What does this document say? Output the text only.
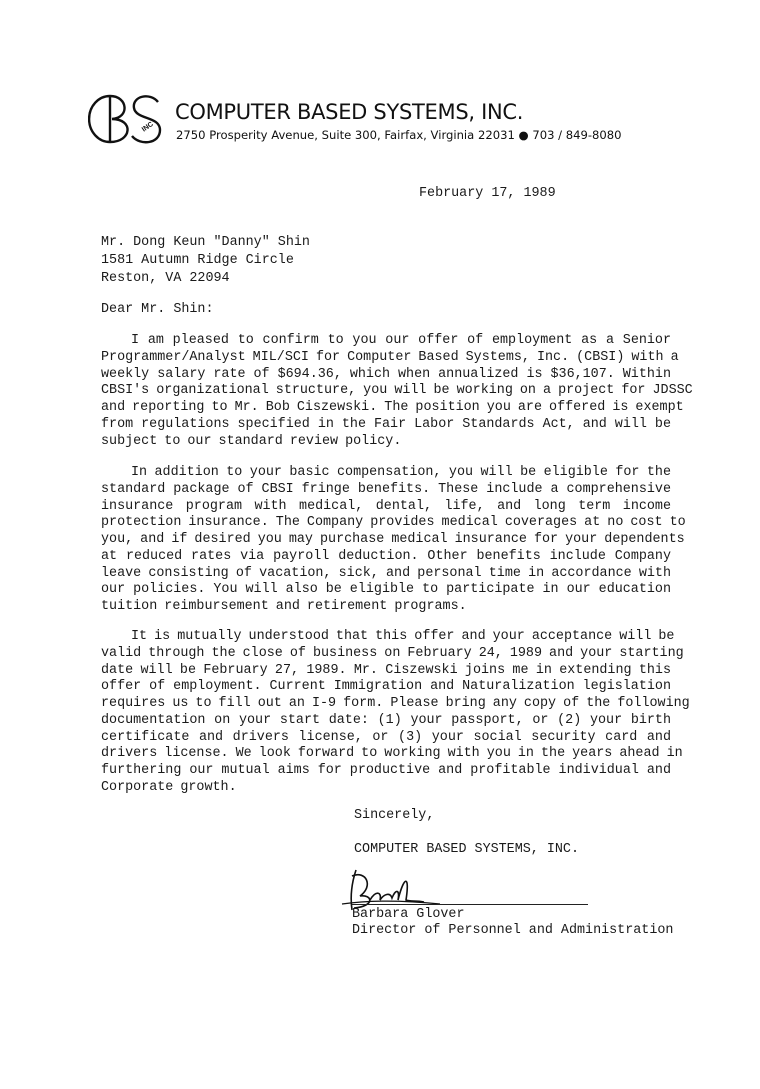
INC
COMPUTER BASED SYSTEMS, INC.
2750 Prosperity Avenue, Suite 300, Fairfax, Virginia 22031 ● 703 / 849-8080
February 17, 1989
Mr. Dong Keun "Danny" Shin
1581 Autumn Ridge Circle
Reston, VA 22094
Dear Mr. Shin:
I am pleased to confirm to you our offer of employment as a Senior
Programmer/Analyst MIL/SCI for Computer Based Systems, Inc. (CBSI) with a
weekly salary rate of $694.36, which when annualized is $36,107. Within
CBSI's organizational structure, you will be working on a project for JDSSC
and reporting to Mr. Bob Ciszewski. The position you are offered is exempt
from regulations specified in the Fair Labor Standards Act, and will be
subject to our standard review policy.
In addition to your basic compensation, you will be eligible for the
standard package of CBSI fringe benefits. These include a comprehensive
insurance program with medical, dental, life, and long term income
protection insurance. The Company provides medical coverages at no cost to
you, and if desired you may purchase medical insurance for your dependents
at reduced rates via payroll deduction. Other benefits include Company
leave consisting of vacation, sick, and personal time in accordance with
our policies. You will also be eligible to participate in our education
tuition reimbursement and retirement programs.
It is mutually understood that this offer and your acceptance will be
valid through the close of business on February 24, 1989 and your starting
date will be February 27, 1989. Mr. Ciszewski joins me in extending this
offer of employment. Current Immigration and Naturalization legislation
requires us to fill out an I-9 form. Please bring any copy of the following
documentation on your start date: (1) your passport, or (2) your birth
certificate and drivers license, or (3) your social security card and
drivers license. We look forward to working with you in the years ahead in
furthering our mutual aims for productive and profitable individual and
Corporate growth.
Sincerely,
COMPUTER BASED SYSTEMS, INC.
Barbara Glover
Director of Personnel and Administration
